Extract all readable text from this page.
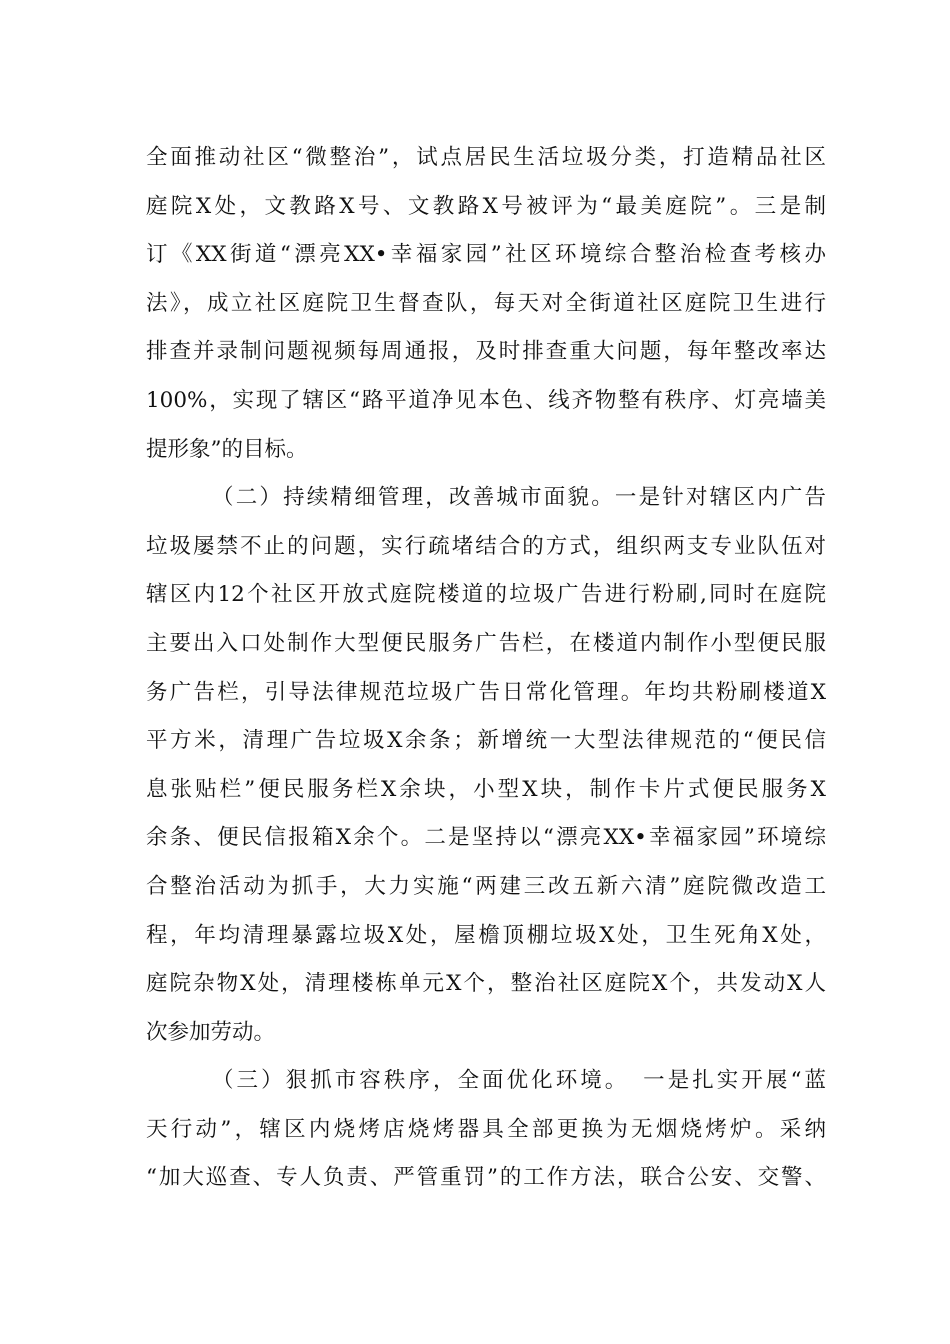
全面推动社区“微整治”，试点居民生活垃圾分类，打造精品社区
庭院X处，文教路X号、文教路X号被评为“最美庭院”。三是制
订《XX街道“漂亮XX•幸福家园”社区环境综合整治检查考核办
法》，成立社区庭院卫生督查队，每天对全街道社区庭院卫生进行
排查并录制问题视频每周通报，及时排查重大问题，每年整改率达
100%，实现了辖区“路平道净见本色、线齐物整有秩序、灯亮墙美
提形象”的目标。
（二）持续精细管理，改善城市面貌。一是针对辖区内广告
垃圾屡禁不止的问题，实行疏堵结合的方式，组织两支专业队伍对
辖区内12个社区开放式庭院楼道的垃圾广告进行粉刷,同时在庭院
主要出入口处制作大型便民服务广告栏，在楼道内制作小型便民服
务广告栏，引导法律规范垃圾广告日常化管理。年均共粉刷楼道X
平方米，清理广告垃圾X余条；新增统一大型法律规范的“便民信
息张贴栏”便民服务栏X余块，小型X块，制作卡片式便民服务X
余条、便民信报箱X余个。二是坚持以“漂亮XX•幸福家园”环境综
合整治活动为抓手，大力实施“两建三改五新六清”庭院微改造工
程，年均清理暴露垃圾X处，屋檐顶棚垃圾X处，卫生死角X处，
庭院杂物X处，清理楼栋单元X个，整治社区庭院X个，共发动X人
次参加劳动。
（三）狠抓市容秩序，全面优化环境。　一是扎实开展“蓝
天行动”，辖区内烧烤店烧烤器具全部更换为无烟烧烤炉。采纳
“加大巡查、专人负责、严管重罚”的工作方法，联合公安、交警、
